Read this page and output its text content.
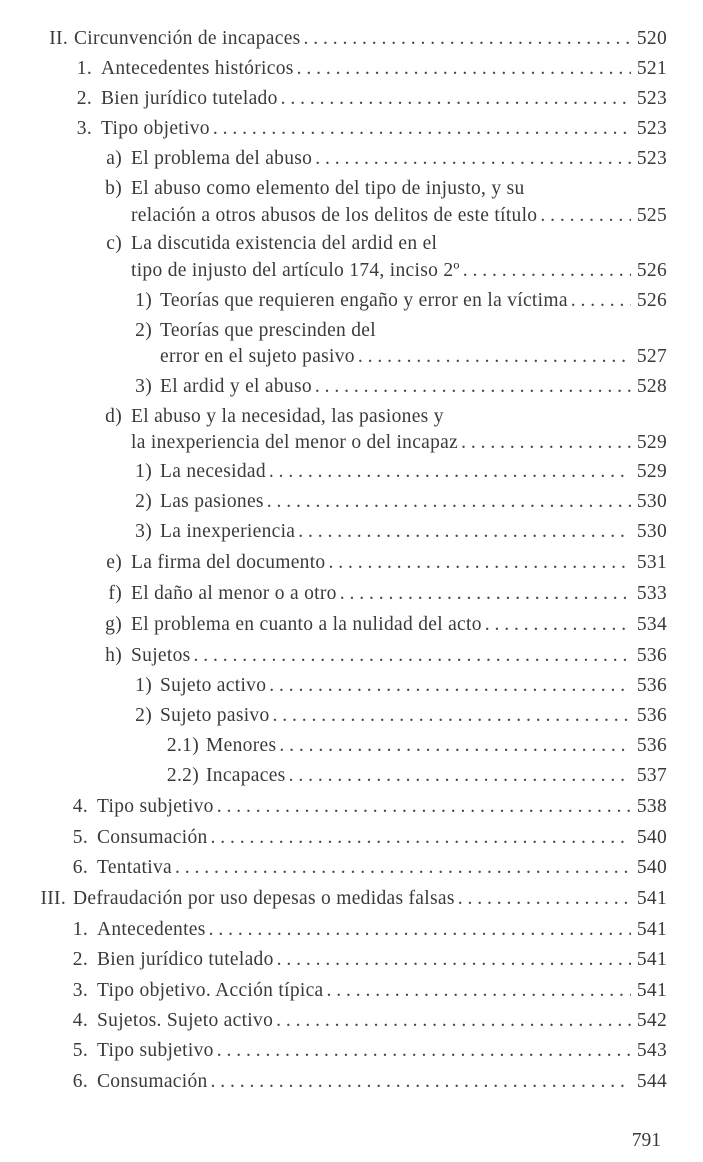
II. Circunvención de incapaces . . .	520
1. Antecedentes históricos . . .	521
2. Bien jurídico tutelado . . .	523
3. Tipo objetivo . . .	523
a) El problema del abuso . . .	523
b) El abuso como elemento del tipo de injusto, y su
relación a otros abusos de los delitos de este título . . .	525
c) La discutida existencia del ardid en el
tipo de injusto del artículo 174, inciso 2º . . .	526
1) Teorías que requieren engaño y error en la víctima . . .	526
2) Teorías que prescinden del
error en el sujeto pasivo . . .	527
3) El ardid y el abuso . . .	528
d) El abuso y la necesidad, las pasiones y
la inexperiencia del menor o del incapaz . . .	529
1) La necesidad . . .	529
2) Las pasiones . . .	530
3) La inexperiencia . . .	530
e) La firma del documento . . .	531
f) El daño al menor o a otro . . .	533
g) El problema en cuanto a la nulidad del acto . . .	534
h) Sujetos . . .	536
1) Sujeto activo . . .	536
2) Sujeto pasivo . . .	536
2.1) Menores . . .	536
2.2) Incapaces . . .	537
4. Tipo subjetivo . . .	538
5. Consumación . . .	540
6. Tentativa . . .	540
III. Defraudación por uso depesas o medidas falsas . . .	541
1. Antecedentes . . .	541
2. Bien jurídico tutelado . . .	541
3. Tipo objetivo. Acción típica . . .	541
4. Sujetos. Sujeto activo . . .	542
5. Tipo subjetivo . . .	543
6. Consumación . . .	544
791
